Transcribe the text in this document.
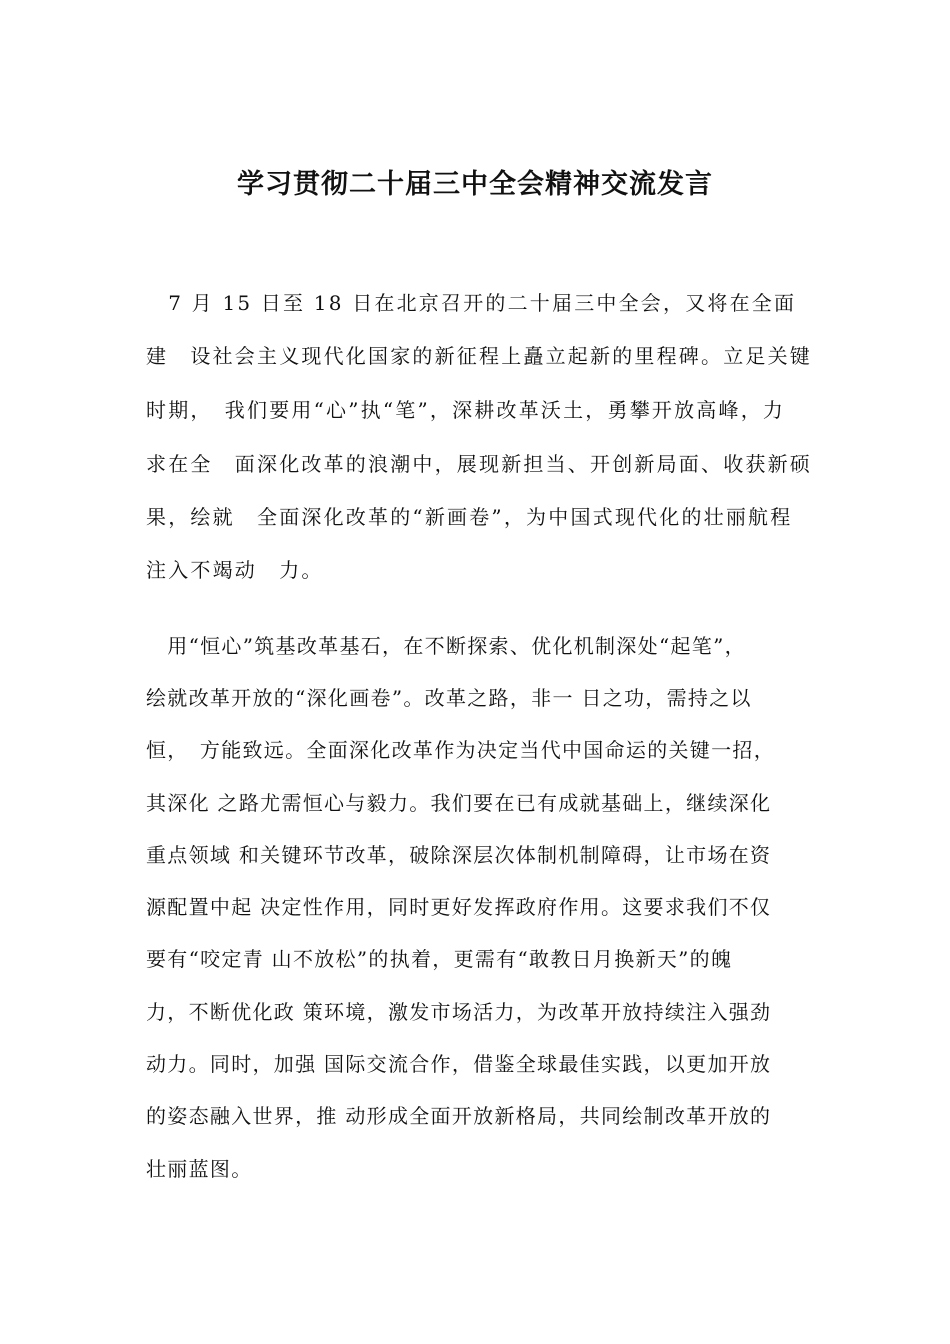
学习贯彻二十届三中全会精神交流发言
　7 月 15 日至 18 日在北京召开的二十届三中全会，又将在全面
建　设社会主义现代化国家的新征程上矗立起新的里程碑。立足关键
时期，　我们要用“心”执“笔”，深耕改革沃土，勇攀开放高峰，力
求在全　面深化改革的浪潮中，展现新担当、开创新局面、收获新硕
果，绘就　全面深化改革的“新画卷”，为中国式现代化的壮丽航程
注入不竭动　力。
　用“恒心”筑基改革基石，在不断探索、优化机制深处“起笔”，
绘就改革开放的“深化画卷”。改革之路，非一 日之功，需持之以
恒，　方能致远。全面深化改革作为决定当代中国命运的关键一招，
其深化 之路尤需恒心与毅力。我们要在已有成就基础上，继续深化
重点领域 和关键环节改革，破除深层次体制机制障碍，让市场在资
源配置中起 决定性作用，同时更好发挥政府作用。这要求我们不仅
要有“咬定青 山不放松”的执着，更需有“敢教日月换新天”的魄
力，不断优化政 策环境，激发市场活力，为改革开放持续注入强劲
动力。同时，加强 国际交流合作，借鉴全球最佳实践，以更加开放
的姿态融入世界，推 动形成全面开放新格局，共同绘制改革开放的
壮丽蓝图。
